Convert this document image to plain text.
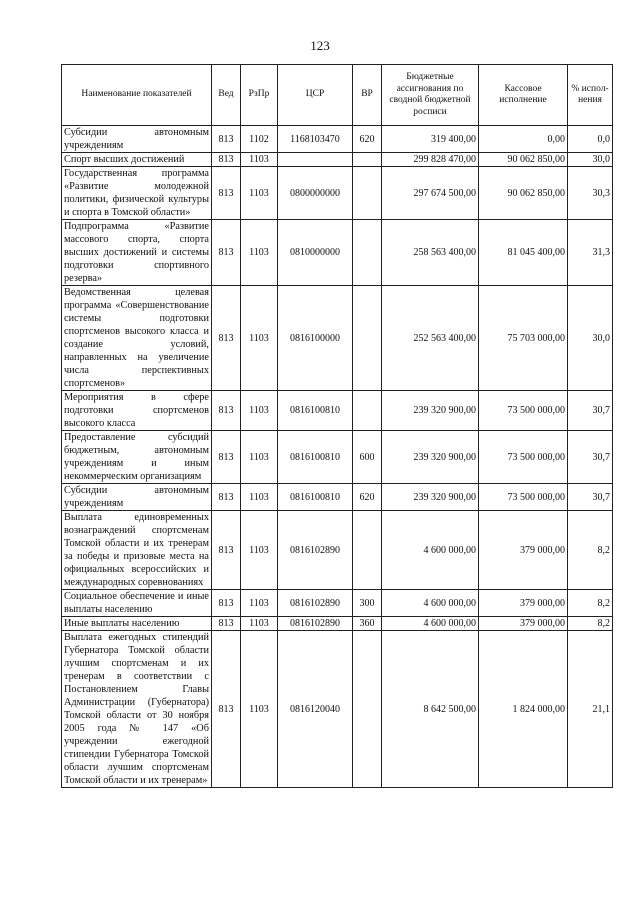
123
Наименование показателей	Вед	РзПр	ЦСР	ВР	Бюджетные ассигнования по сводной бюджетной росписи	Кассовое исполнение	% испол-нения
Субсидии автономным учреждениям	813	1102	1168103470	620	319 400,00	0,00	0,0
Спорт высших достижений	813	1103			299 828 470,00	90 062 850,00	30,0
Государственная программа «Развитие молодежной политики, физической культуры и спорта в Томской области»	813	1103	0800000000		297 674 500,00	90 062 850,00	30,3
Подпрограмма «Развитие массового спорта, спорта высших достижений и системы подготовки спортивного резерва»	813	1103	0810000000		258 563 400,00	81 045 400,00	31,3
Ведомственная целевая программа «Совершенствование системы подготовки спортсменов высокого класса и создание условий, направленных на увеличение числа перспективных спортсменов»	813	1103	0816100000		252 563 400,00	75 703 000,00	30,0
Мероприятия в сфере подготовки спортсменов высокого класса	813	1103	0816100810		239 320 900,00	73 500 000,00	30,7
Предоставление субсидий бюджетным, автономным учреждениям и иным некоммерческим организациям	813	1103	0816100810	600	239 320 900,00	73 500 000,00	30,7
Субсидии автономным учреждениям	813	1103	0816100810	620	239 320 900,00	73 500 000,00	30,7
Выплата единовременных вознаграждений спортсменам Томской области и их тренерам за победы и призовые места на официальных всероссийских и международных соревнованиях	813	1103	0816102890		4 600 000,00	379 000,00	8,2
Социальное обеспечение и иные выплаты населению	813	1103	0816102890	300	4 600 000,00	379 000,00	8,2
Иные выплаты населению	813	1103	0816102890	360	4 600 000,00	379 000,00	8,2
Выплата ежегодных стипендий Губернатора Томской области лучшим спортсменам и их тренерам в соответствии с Постановлением Главы Администрации (Губернатора) Томской области от 30 ноября 2005 года № 147 «Об учреждении ежегодной стипендии Губернатора Томской области лучшим спортсменам Томской области и их тренерам»	813	1103	0816120040		8 642 500,00	1 824 000,00	21,1
